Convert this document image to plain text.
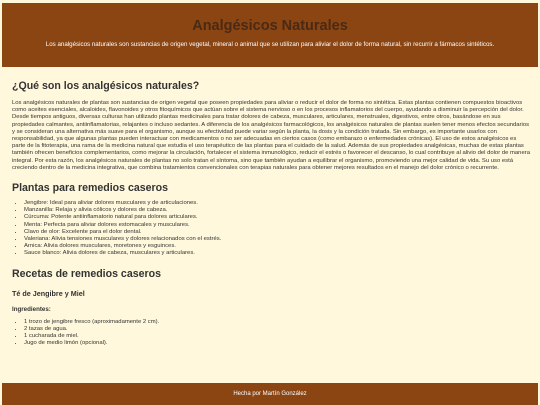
Analgésicos Naturales

Los analgésicos naturales son sustancias de origen vegetal, mineral o animal que se utilizan para aliviar el dolor de forma natural, sin recurrir a fármacos sintéticos.

¿Qué son los analgésicos naturales?

Los analgésicos naturales de plantas son sustancias de origen vegetal que poseen propiedades para aliviar o reducir el dolor de forma no sintética. Estas plantas contienen compuestos bioactivos como aceites esenciales, alcaloides, flavonoides y otros fitoquímicos que actúan sobre el sistema nervioso o en los procesos inflamatorios del cuerpo, ayudando a disminuir la percepción del dolor. Desde tiempos antiguos, diversas culturas han utilizado plantas medicinales para tratar dolores de cabeza, musculares, articulares, menstruales, digestivos, entre otros, basándose en sus propiedades calmantes, antiinflamatorias, relajantes o incluso sedantes. A diferencia de los analgésicos farmacológicos, los analgésicos naturales de plantas suelen tener menos efectos secundarios y se consideran una alternativa más suave para el organismo, aunque su efectividad puede variar según la planta, la dosis y la condición tratada. Sin embargo, es importante usarlos con responsabilidad, ya que algunas plantas pueden interactuar con medicamentos o no ser adecuadas en ciertos casos (como embarazo o enfermedades crónicas). El uso de estos analgésicos es parte de la fitoterapia, una rama de la medicina natural que estudia el uso terapéutico de las plantas para el cuidado de la salud. Además de sus propiedades analgésicas, muchas de estas plantas también ofrecen beneficios complementarios, como mejorar la circulación, fortalecer el sistema inmunológico, reducir el estrés o favorecer el descanso, lo cual contribuye al alivio del dolor de manera integral. Por esta razón, los analgésicos naturales de plantas no solo tratan el síntoma, sino que también ayudan a equilibrar el organismo, promoviendo una mejor calidad de vida. Su uso está creciendo dentro de la medicina integrativa, que combina tratamientos convencionales con terapias naturales para obtener mejores resultados en el manejo del dolor crónico o recurrente.

Plantas para remedios caseros
• Jengibre: Ideal para aliviar dolores musculares y de articulaciones.
• Manzanilla: Relaja y alivia cólicos y dolores de cabeza.
• Cúrcuma: Potente antiinflamatorio natural para dolores articulares.
• Menta: Perfecta para aliviar dolores estomacales y musculares.
• Clavo de olor: Excelente para el dolor dental.
• Valeriana: Alivia tensiones musculares y dolores relacionados con el estrés.
• Arnica: Alivia dolores musculares, moretones y esguinces.
• Sauce blanco: Alivia dolores de cabeza, musculares y articulares.
Recetas de remedios caseros
Té de Jengibre y Miel

Ingredientes:

• 1 trozo de jengibre fresco (aproximadamente 2 cm).
• 2 tazas de agua.
• 1 cucharada de miel.
• Jugo de medio limón (opcional).
Hecha por Martín González
